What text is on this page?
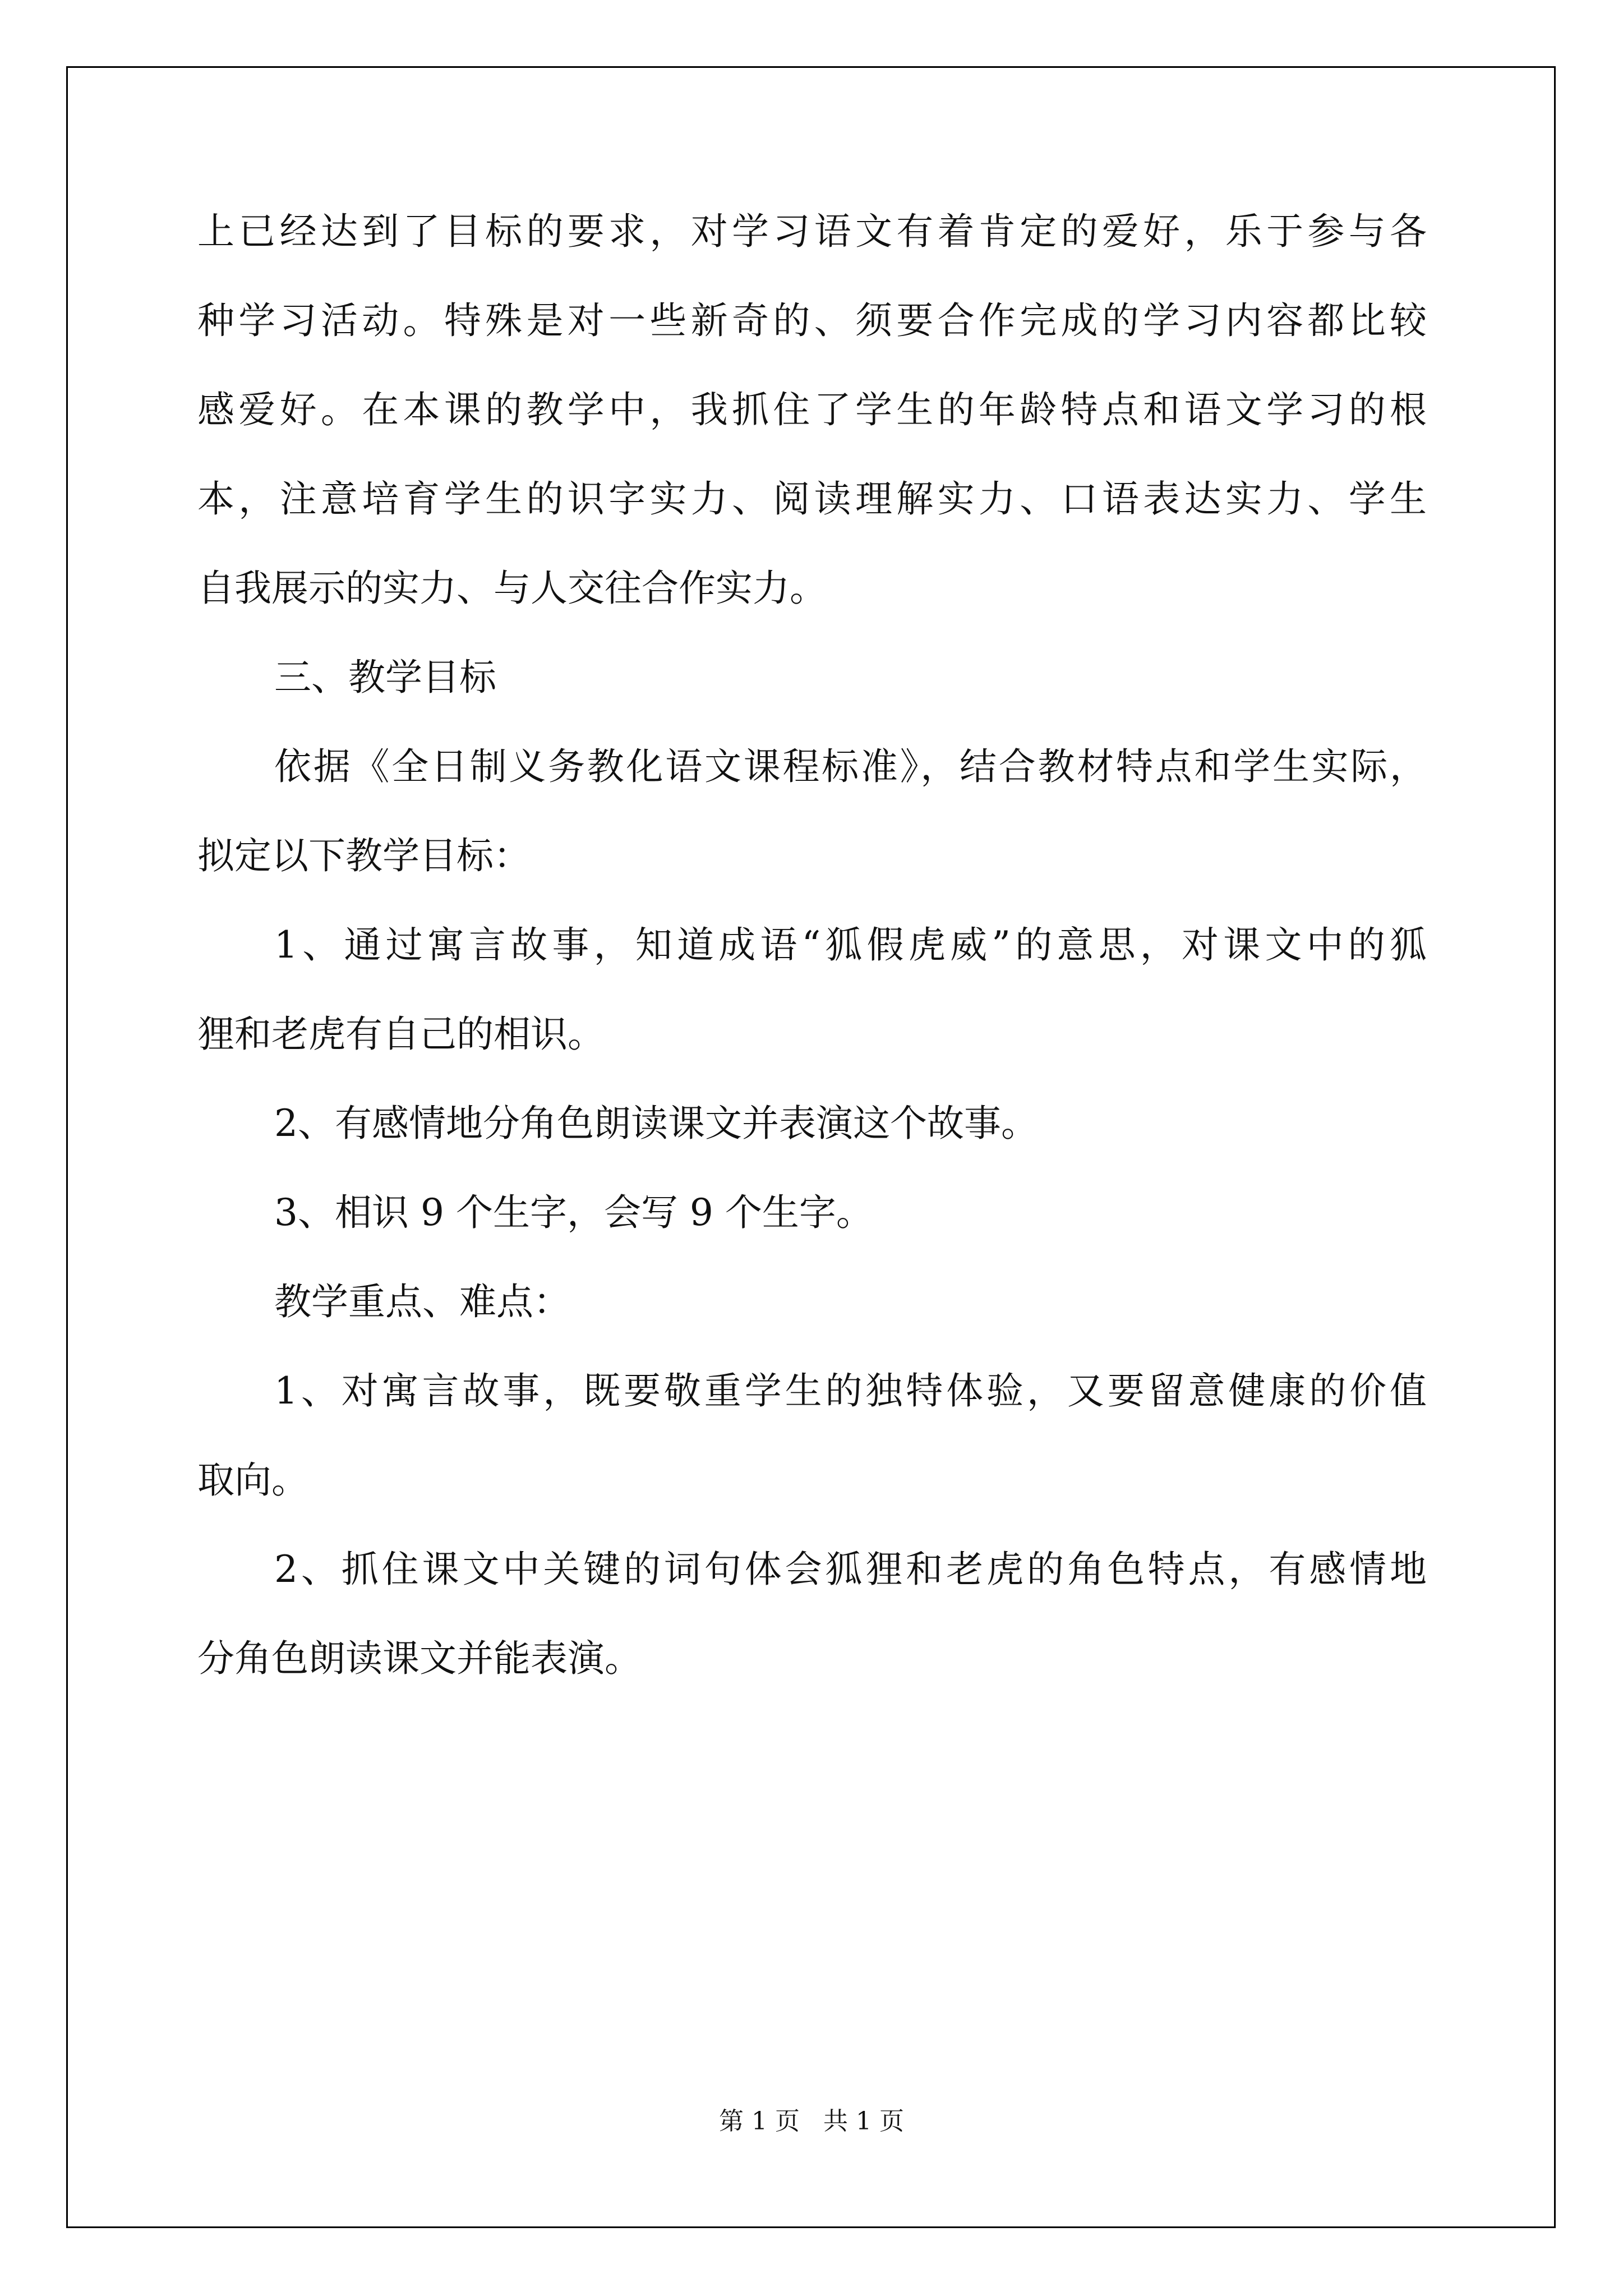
上已经达到了目标的要求，对学习语文有着肯定的爱好，乐于参与各
种学习活动。特殊是对一些新奇的、须要合作完成的学习内容都比较
感爱好。在本课的教学中，我抓住了学生的年龄特点和语文学习的根
本，注意培育学生的识字实力、阅读理解实力、口语表达实力、学生
自我展示的实力、与人交往合作实力。
三、教学目标
依据《全日制义务教化语文课程标准》，结合教材特点和学生实际，
拟定以下教学目标：
1、通过寓言故事，知道成语“狐假虎威”的意思，对课文中的狐
狸和老虎有自己的相识。
2、有感情地分角色朗读课文并表演这个故事。
3、相识 9 个生字，会写 9 个生字。
教学重点、难点：
1、对寓言故事，既要敬重学生的独特体验，又要留意健康的价值
取向。
2、抓住课文中关键的词句体会狐狸和老虎的角色特点，有感情地
分角色朗读课文并能表演。
第 1 页   共 1 页
